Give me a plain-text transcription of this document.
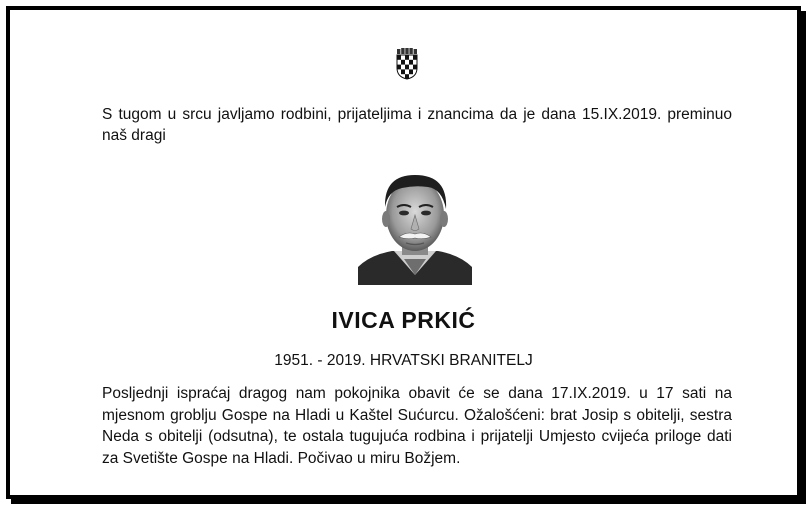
S tugom u srcu javljamo rodbini, prijateljima i znancima da je dana 15.IX.2019. preminuo naš dragi
IVICA PRKIĆ
1951. - 2019. HRVATSKI BRANITELJ
Posljednji ispraćaj dragog nam pokojnika obavit će se dana 17.IX.2019. u 17 sati na mjesnom groblju Gospe na Hladi u Kaštel Sućurcu. Ožalošćeni: brat Josip s obitelji, sestra Neda s obitelji (odsutna), te ostala tugujuća rodbina i prijatelji Umjesto cvijeća priloge dati za Svetište Gospe na Hladi. Počivao u miru Božjem.
